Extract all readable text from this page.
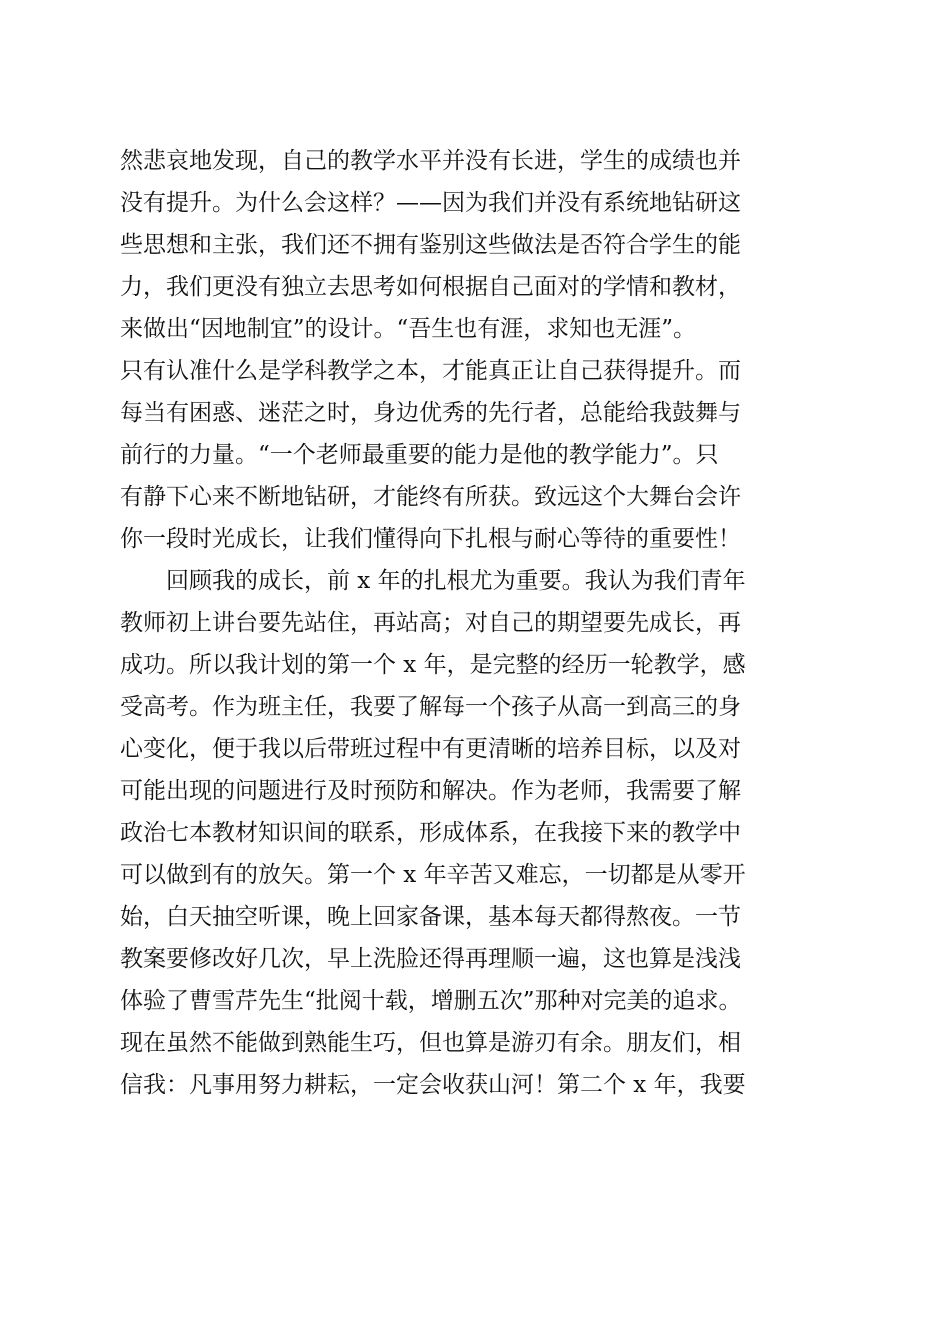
然悲哀地发现，自己的教学水平并没有长进，学生的成绩也并
没有提升。为什么会这样？——因为我们并没有系统地钻研这
些思想和主张，我们还不拥有鉴别这些做法是否符合学生的能
力，我们更没有独立去思考如何根据自己面对的学情和教材，
来做出“因地制宜”的设计。“吾生也有涯，求知也无涯”。
只有认准什么是学科教学之本，才能真正让自己获得提升。而
每当有困惑、迷茫之时，身边优秀的先行者，总能给我鼓舞与
前行的力量。“一个老师最重要的能力是他的教学能力”。只
有静下心来不断地钻研，才能终有所获。致远这个大舞台会许
你一段时光成长，让我们懂得向下扎根与耐心等待的重要性！
回顾我的成长，前 x 年的扎根尤为重要。我认为我们青年
教师初上讲台要先站住，再站高；对自己的期望要先成长，再
成功。所以我计划的第一个 x 年，是完整的经历一轮教学，感
受高考。作为班主任，我要了解每一个孩子从高一到高三的身
心变化，便于我以后带班过程中有更清晰的培养目标，以及对
可能出现的问题进行及时预防和解决。作为老师，我需要了解
政治七本教材知识间的联系，形成体系，在我接下来的教学中
可以做到有的放矢。第一个 x 年辛苦又难忘，一切都是从零开
始，白天抽空听课，晚上回家备课，基本每天都得熬夜。一节
教案要修改好几次，早上洗脸还得再理顺一遍，这也算是浅浅
体验了曹雪芹先生“批阅十载，增删五次”那种对完美的追求。
现在虽然不能做到熟能生巧，但也算是游刃有余。朋友们，相
信我：凡事用努力耕耘，一定会收获山河！第二个 x 年，我要
